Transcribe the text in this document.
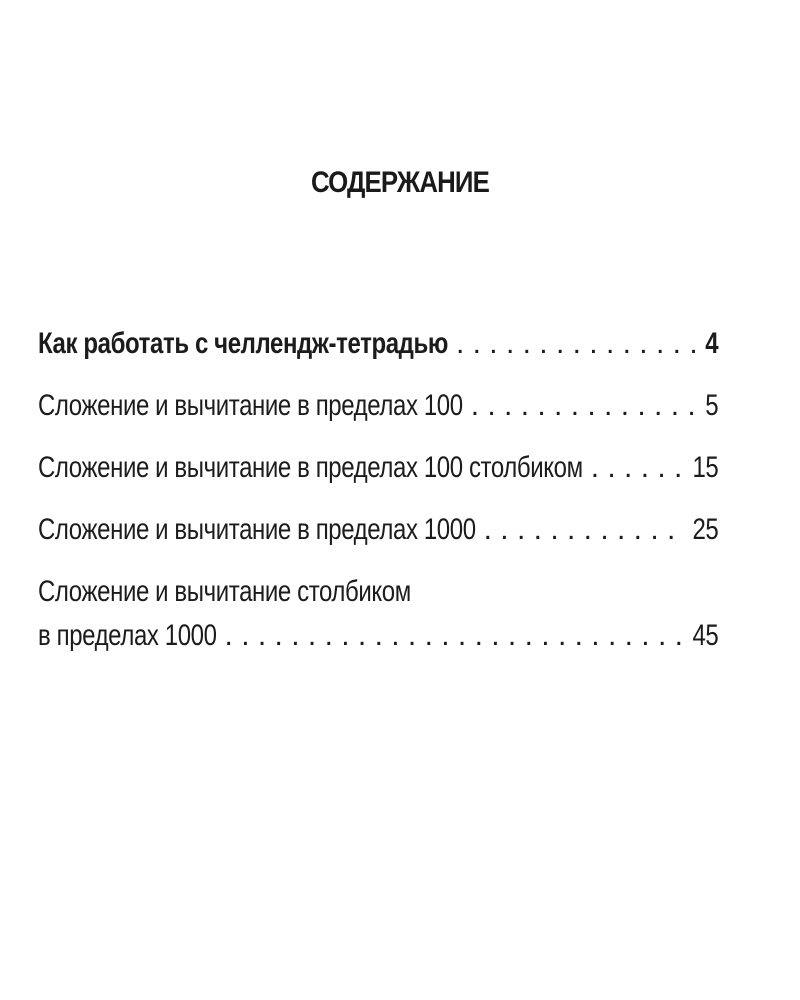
СОДЕРЖАНИЕ
Как работать с челлендж-тетрадью . . .	4
Сложение и вычитание в пределах 100 . . .	5
Сложение и вычитание в пределах 100 столбиком . . .	15
Сложение и вычитание в пределах 1000 . . .	25
Сложение и вычитание столбиком
в пределах 1000 . . .	45
